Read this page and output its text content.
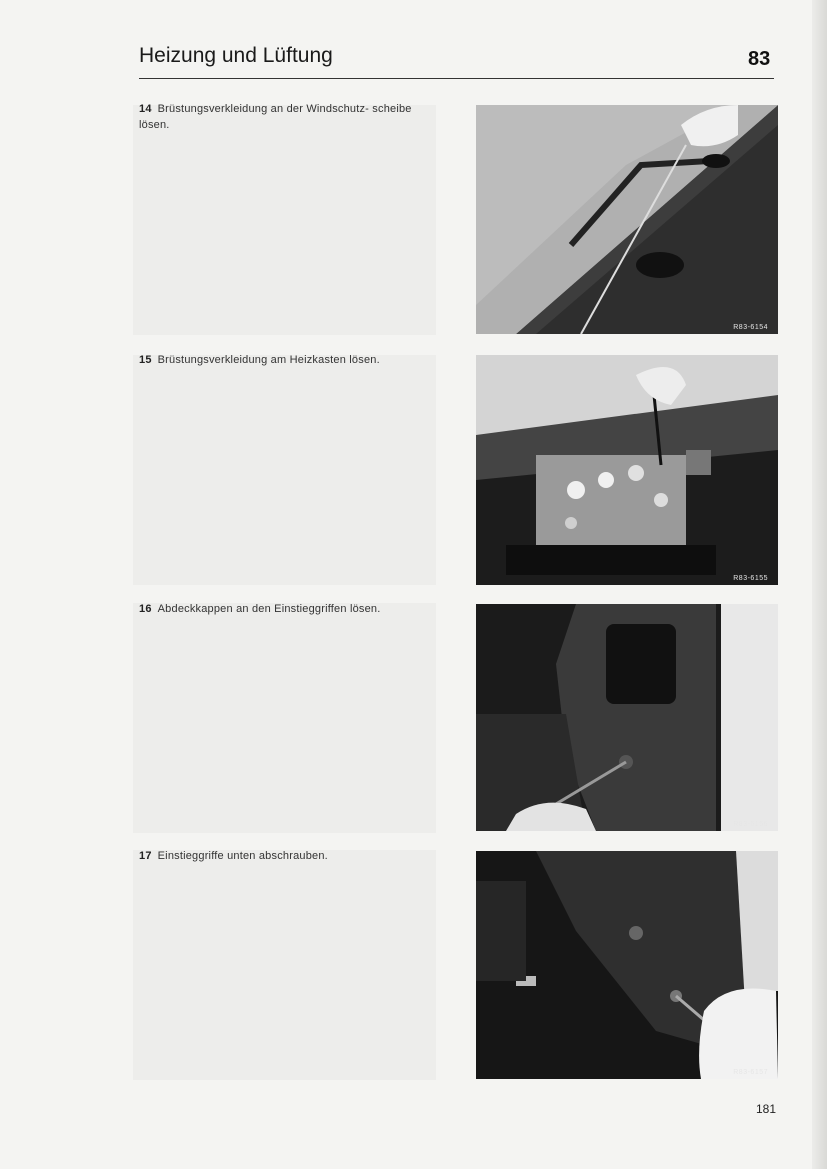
Heizung und Lüftung	83
14 Brüstungsverkleidung an der Windschutz- scheibe lösen.
R83-6154
15 Brüstungsverkleidung am Heizkasten lösen.
R83-6155
16 Abdeckkappen an den Einstieggriffen lösen.
R83-6156
17 Einstieggriffe unten abschrauben.
R83-6157
181
